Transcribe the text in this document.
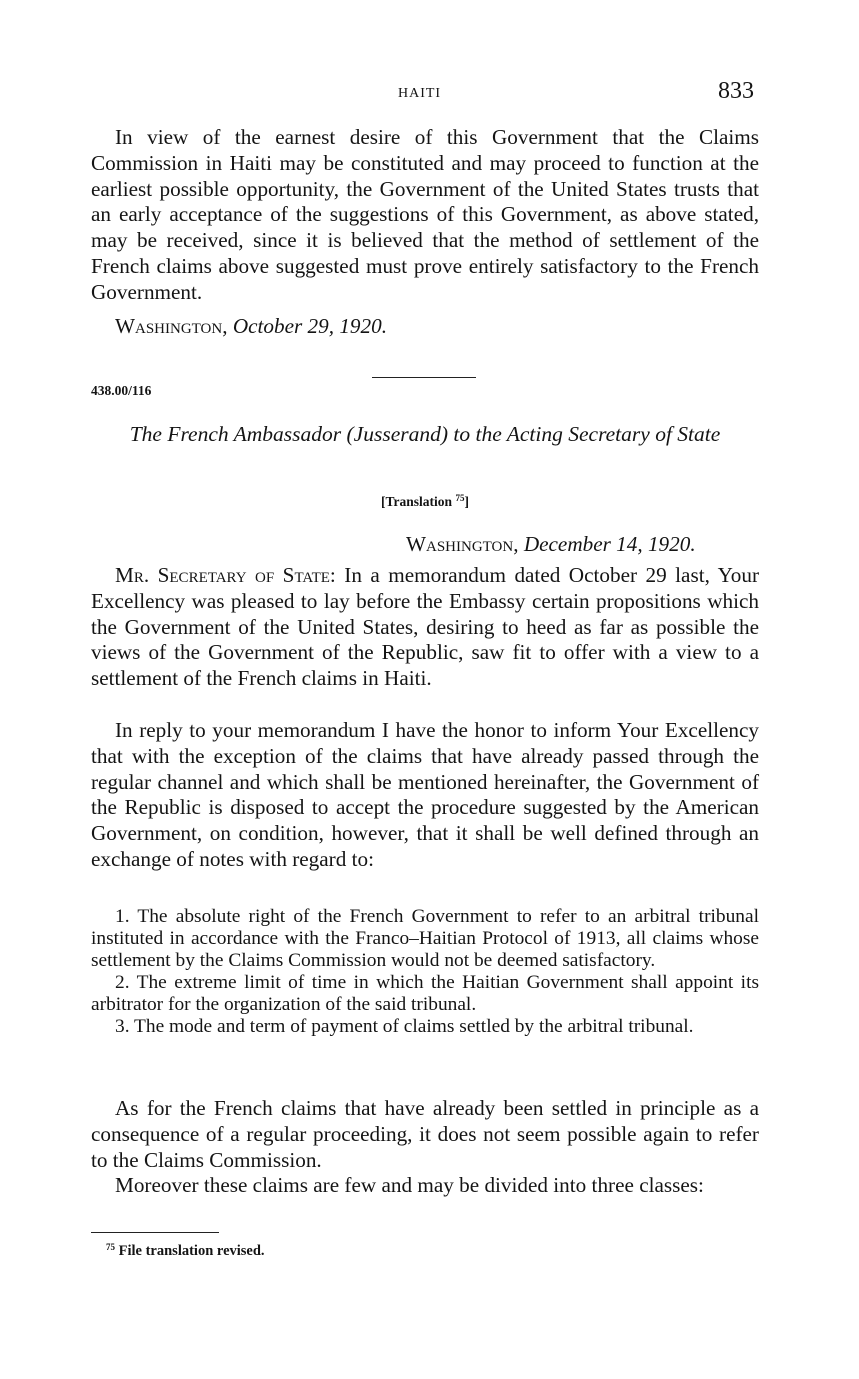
HAITI	833

In view of the earnest desire of this Government that the Claims Commission in Haiti may be constituted and may proceed to function at the earliest possible opportunity, the Government of the United States trusts that an early acceptance of the suggestions of this Government, as above stated, may be received, since it is believed that the method of settlement of the French claims above suggested must prove entirely satisfactory to the French Government.

Washington, October 29, 1920.
438.00/116
The French Ambassador (Jusserand) to the Acting Secretary of State
[Translation $^{75}$]
Washington, December 14, 1920.

Mr. Secretary of State: In a memorandum dated October 29 last, Your Excellency was pleased to lay before the Embassy certain propositions which the Government of the United States, desiring to heed as far as possible the views of the Government of the Republic, saw fit to offer with a view to a settlement of the French claims in Haiti.

In reply to your memorandum I have the honor to inform Your Excellency that with the exception of the claims that have already passed through the regular channel and which shall be mentioned hereinafter, the Government of the Republic is disposed to accept the procedure suggested by the American Government, on condition, however, that it shall be well defined through an exchange of notes with regard to:

1. The absolute right of the French Government to refer to an arbitral tribunal instituted in accordance with the Franco–Haitian Protocol of 1913, all claims whose settlement by the Claims Commission would not be deemed satisfactory.

2. The extreme limit of time in which the Haitian Government shall appoint its arbitrator for the organization of the said tribunal.

3. The mode and term of payment of claims settled by the arbitral tribunal.

As for the French claims that have already been settled in principle as a consequence of a regular proceeding, it does not seem possible again to refer to the Claims Commission.

Moreover these claims are few and may be divided into three classes:

$^{75}$ File translation revised.
